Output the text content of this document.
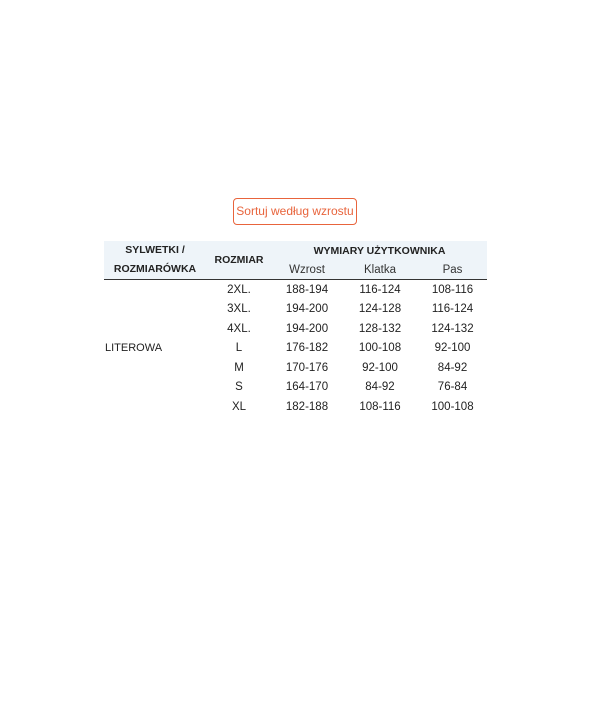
Sortuj według wzrostu
SYLWETKI /
ROZMIARÓWKA	ROZMIAR	WYMIARY UŻYTKOWNIKA		
		Wzrost	Klatka	Pas
LITEROWA	2XL.	188-194	116-124	108-116
	3XL.	194-200	124-128	116-124
	4XL.	194-200	128-132	124-132
	L	176-182	100-108	92-100
	M	170-176	92-100	84-92
	S	164-170	84-92	76-84
	XL	182-188	108-116	100-108
